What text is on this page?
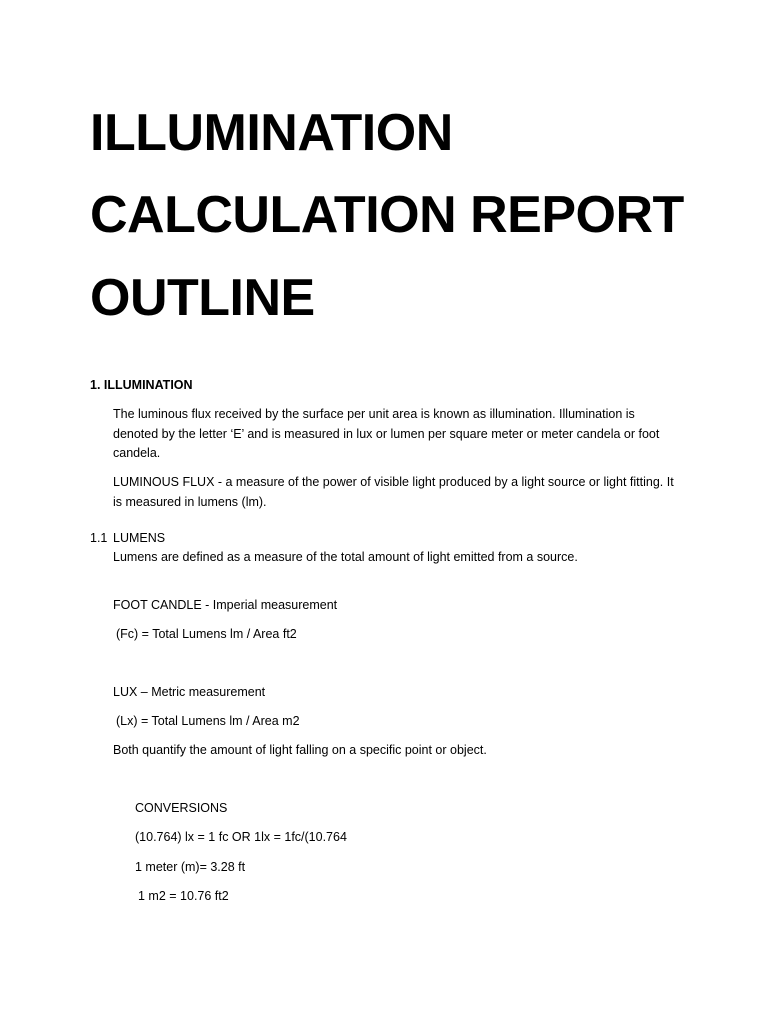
ILLUMINATION
CALCULATION REPORT
OUTLINE
1. ILLUMINATION
The luminous flux received by the surface per unit area is known as illumination. Illumination is denoted by the letter ‘E’ and is measured in lux or lumen per square meter or meter candela or foot candela.
LUMINOUS FLUX - a measure of the power of visible light produced by a light source or light fitting. It is measured in lumens (lm).
1.1 LUMENS
Lumens are defined as a measure of the total amount of light emitted from a source.
FOOT CANDLE - Imperial measurement
(Fc) = Total Lumens lm / Area ft2
LUX – Metric measurement
(Lx) = Total Lumens lm / Area m2
Both quantify the amount of light falling on a specific point or object.
CONVERSIONS
(10.764) lx = 1 fc OR 1lx = 1fc/(10.764
1 meter (m)= 3.28 ft
1 m2 = 10.76 ft2
